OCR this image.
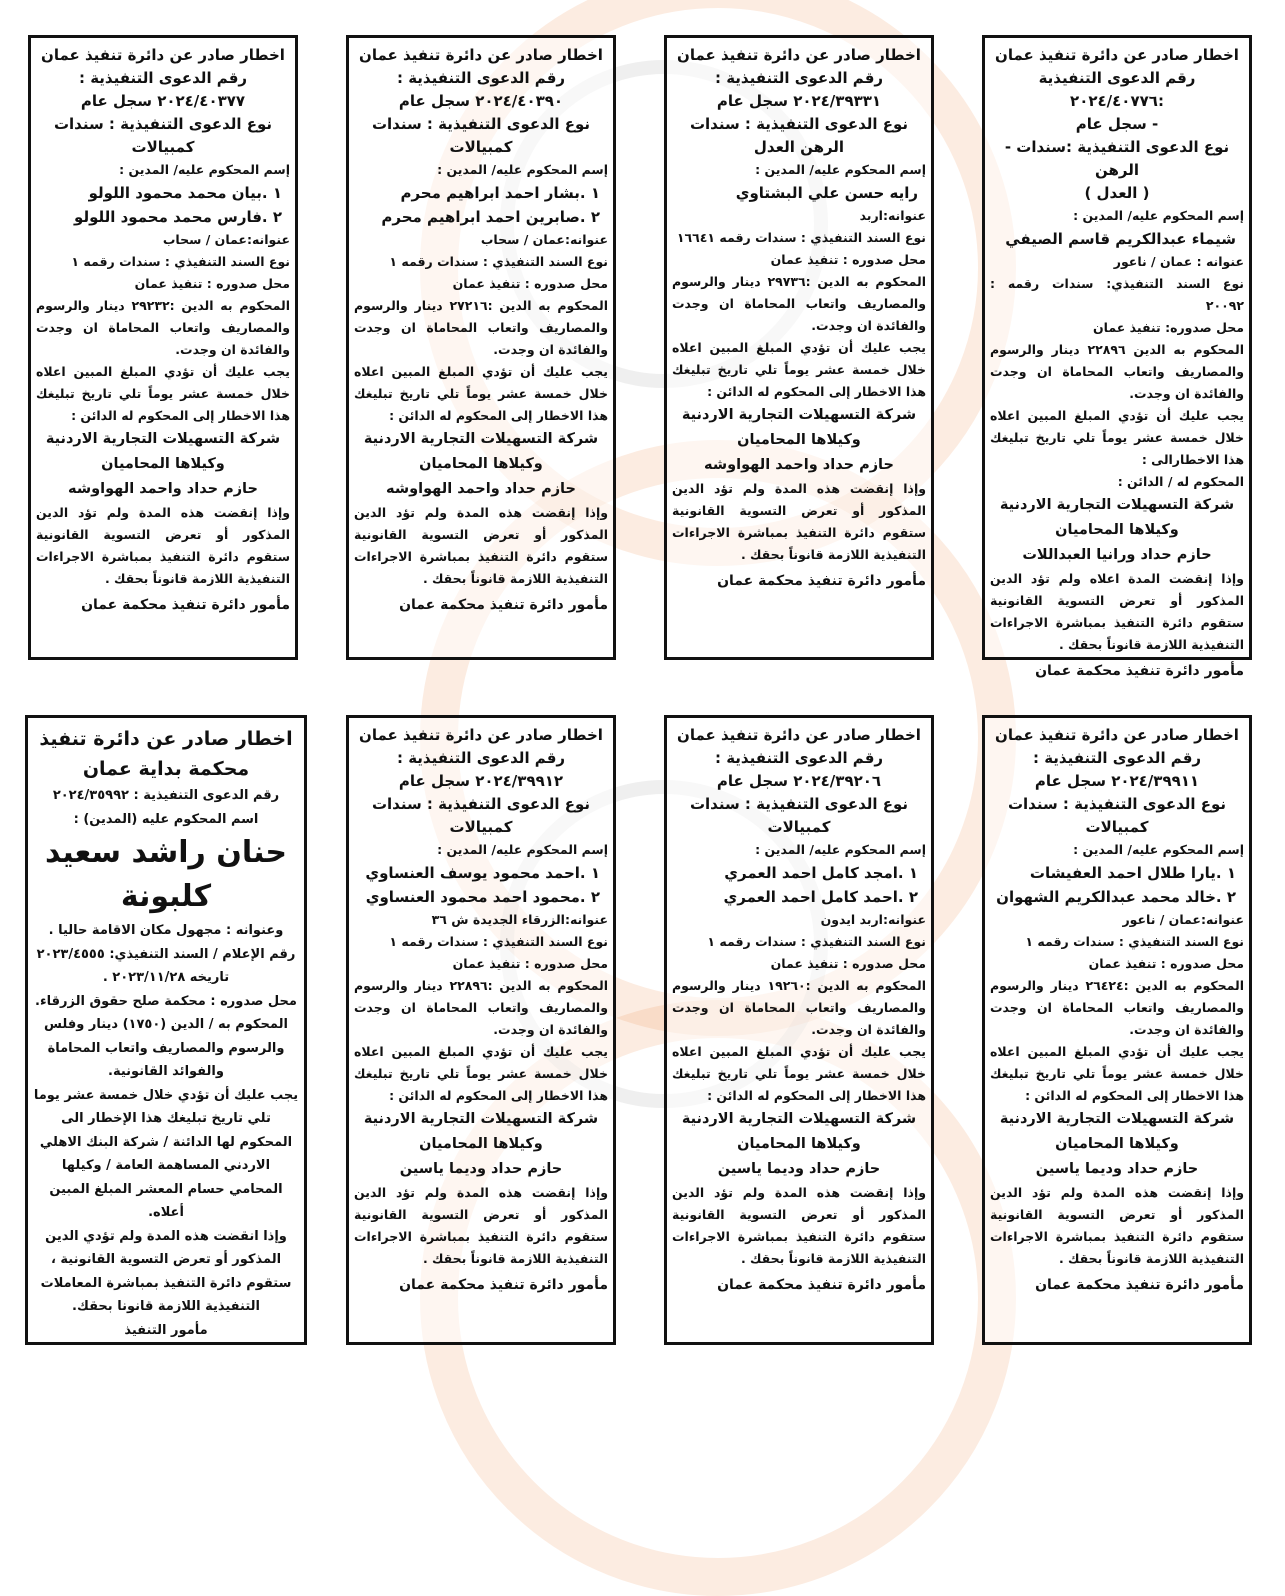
اخطار صادر عن دائرة تنفيذ عمان
رقم الدعوى التنفيذية :٢٠٢٤/٤٠٧٧٦
- سجل عام
نوع الدعوى التنفيذية :سندات - الرهن
( العدل )
إسم المحكوم عليه/ المدين :
شيماء عبدالكريم قاسم الصيفي
عنوانه : عمان / ناعور
نوع السند التنفيذي: سندات رقمه : ٢٠٠٩٢
محل صدوره: تنفيذ عمان
المحكوم به الدين ٢٢٨٩٦ دينار والرسوم والمصاريف واتعاب المحاماة ان وجدت والفائدة ان وجدت.
يجب عليك أن تؤدي المبلغ المبين اعلاه خلال خمسة عشر يوماً تلي تاريخ تبليغك هذا الاخطارالى :
المحكوم له / الدائن :
شركة التسهيلات التجارية الاردنية
وكيلاها المحاميان
حازم حداد ورانيا العبداللات
وإذا إنقضت المدة اعلاه ولم تؤد الدين المذكور أو تعرض التسوية القانونية ستقوم دائرة التنفيذ بمباشرة الاجراءات التنفيذية اللازمة قانوناً بحقك .
مأمور دائرة تنفيذ محكمة عمان
اخطار صادر عن دائرة تنفيذ عمان
رقم الدعوى التنفيذية :
٢٠٢٤/٣٩٣٣١ سجل عام
نوع الدعوى التنفيذية : سندات الرهن العدل
إسم المحكوم عليه/ المدين :
رايه حسن علي البشتاوي
عنوانه:اربد
نوع السند التنفيذي : سندات رقمه ١٦٦٤١
محل صدوره : تنفيذ عمان
المحكوم به الدين :٢٩٧٣٦ دينار والرسوم والمصاريف واتعاب المحاماة ان وجدت والفائدة ان وجدت.
يجب عليك أن تؤدي المبلغ المبين اعلاه خلال خمسة عشر يوماً تلي تاريخ تبليغك هذا الاخطار إلى المحكوم له الدائن :
شركة التسهيلات التجارية الاردنية
وكيلاها المحاميان
حازم حداد واحمد الهواوشه
وإذا إنقضت هذه المدة ولم تؤد الدين المذكور أو تعرض التسوية القانونية ستقوم دائرة التنفيذ بمباشرة الاجراءات التنفيذية اللازمة قانوناً بحقك .
مأمور دائرة تنفيذ محكمة عمان
اخطار صادر عن دائرة تنفيذ عمان
رقم الدعوى التنفيذية :
٢٠٢٤/٤٠٣٩٠ سجل عام
نوع الدعوى التنفيذية : سندات كمبيالات
إسم المحكوم عليه/ المدين :
١ .بشار احمد ابراهيم محرم
٢ .صابرين احمد ابراهيم محرم
عنوانه:عمان / سحاب
نوع السند التنفيذي : سندات رقمه ١
محل صدوره : تنفيذ عمان
المحكوم به الدين :٢٧٢١٦ دينار والرسوم والمصاريف واتعاب المحاماة ان وجدت والفائدة ان وجدت.
يجب عليك أن تؤدي المبلغ المبين اعلاه خلال خمسة عشر يوماً تلي تاريخ تبليغك هذا الاخطار إلى المحكوم له الدائن :
شركة التسهيلات التجارية الاردنية
وكيلاها المحاميان
حازم حداد واحمد الهواوشه
وإذا إنقضت هذه المدة ولم تؤد الدين المذكور أو تعرض التسوية القانونية ستقوم دائرة التنفيذ بمباشرة الاجراءات التنفيذية اللازمة قانوناً بحقك .
مأمور دائرة تنفيذ محكمة عمان
اخطار صادر عن دائرة تنفيذ عمان
رقم الدعوى التنفيذية :
٢٠٢٤/٤٠٣٧٧ سجل عام
نوع الدعوى التنفيذية : سندات كمبيالات
إسم المحكوم عليه/ المدين :
١ .بيان محمد محمود اللولو
٢ .فارس محمد محمود اللولو
عنوانه:عمان / سحاب
نوع السند التنفيذي : سندات رقمه ١
محل صدوره : تنفيذ عمان
المحكوم به الدين :٢٩٢٣٢ دينار والرسوم والمصاريف واتعاب المحاماة ان وجدت والفائدة ان وجدت.
يجب عليك أن تؤدي المبلغ المبين اعلاه خلال خمسة عشر يوماً تلي تاريخ تبليغك هذا الاخطار إلى المحكوم له الدائن :
شركة التسهيلات التجارية الاردنية
وكيلاها المحاميان
حازم حداد واحمد الهواوشه
وإذا إنقضت هذه المدة ولم تؤد الدين المذكور أو تعرض التسوية القانونية ستقوم دائرة التنفيذ بمباشرة الاجراءات التنفيذية اللازمة قانوناً بحقك .
مأمور دائرة تنفيذ محكمة عمان
اخطار صادر عن دائرة تنفيذ عمان
رقم الدعوى التنفيذية :
٢٠٢٤/٣٩٩١١ سجل عام
نوع الدعوى التنفيذية : سندات كمبيالات
إسم المحكوم عليه/ المدين :
١ .يارا طلال احمد العفيشات
٢ .خالد محمد عبدالكريم الشهوان
عنوانه:عمان / ناعور
نوع السند التنفيذي : سندات رقمه ١
محل صدوره : تنفيذ عمان
المحكوم به الدين :٢٦٤٢٤ دينار والرسوم والمصاريف واتعاب المحاماة ان وجدت والفائدة ان وجدت.
يجب عليك أن تؤدي المبلغ المبين اعلاه خلال خمسة عشر يوماً تلي تاريخ تبليغك هذا الاخطار إلى المحكوم له الدائن :
شركة التسهيلات التجارية الاردنية
وكيلاها المحاميان
حازم حداد وديما ياسين
وإذا إنقضت هذه المدة ولم تؤد الدين المذكور أو تعرض التسوية القانونية ستقوم دائرة التنفيذ بمباشرة الاجراءات التنفيذية اللازمة قانوناً بحقك .
مأمور دائرة تنفيذ محكمة عمان
اخطار صادر عن دائرة تنفيذ عمان
رقم الدعوى التنفيذية :
٢٠٢٤/٣٩٢٠٦ سجل عام
نوع الدعوى التنفيذية : سندات كمبيالات
إسم المحكوم عليه/ المدين :
١ .امجد كامل احمد العمري
٢ .احمد كامل احمد العمري
عنوانه:اربد ايدون
نوع السند التنفيذي : سندات رقمه ١
محل صدوره : تنفيذ عمان
المحكوم به الدين :١٩٢٦٠ دينار والرسوم والمصاريف واتعاب المحاماة ان وجدت والفائدة ان وجدت.
يجب عليك أن تؤدي المبلغ المبين اعلاه خلال خمسة عشر يوماً تلي تاريخ تبليغك هذا الاخطار إلى المحكوم له الدائن :
شركة التسهيلات التجارية الاردنية
وكيلاها المحاميان
حازم حداد وديما ياسين
وإذا إنقضت هذه المدة ولم تؤد الدين المذكور أو تعرض التسوية القانونية ستقوم دائرة التنفيذ بمباشرة الاجراءات التنفيذية اللازمة قانوناً بحقك .
مأمور دائرة تنفيذ محكمة عمان
اخطار صادر عن دائرة تنفيذ عمان
رقم الدعوى التنفيذية :
٢٠٢٤/٣٩٩١٢ سجل عام
نوع الدعوى التنفيذية : سندات كمبيالات
إسم المحكوم عليه/ المدين :
١ .احمد محمود يوسف العنساوي
٢ .محمود احمد محمود العنساوي
عنوانه:الزرقاء الجديدة ش ٣٦
نوع السند التنفيذي : سندات رقمه ١
محل صدوره : تنفيذ عمان
المحكوم به الدين :٢٢٨٩٦ دينار والرسوم والمصاريف واتعاب المحاماة ان وجدت والفائدة ان وجدت.
يجب عليك أن تؤدي المبلغ المبين اعلاه خلال خمسة عشر يوماً تلي تاريخ تبليغك هذا الاخطار إلى المحكوم له الدائن :
شركة التسهيلات التجارية الاردنية
وكيلاها المحاميان
حازم حداد وديما ياسين
وإذا إنقضت هذه المدة ولم تؤد الدين المذكور أو تعرض التسوية القانونية ستقوم دائرة التنفيذ بمباشرة الاجراءات التنفيذية اللازمة قانوناً بحقك .
مأمور دائرة تنفيذ محكمة عمان
اخطار صادر عن دائرة تنفيذ
محكمة بداية عمان
رقم الدعوى التنفيذية : ٢٠٢٤/٣٥٩٩٢
اسم المحكوم عليه (المدين) :
حنان راشد سعيد كلبونة
وعنوانه : مجهول مكان الاقامة حاليا .
رقم الإعلام / السند التنفيذي: ٢٠٢٣/٤٥٥٥
تاريخه ٢٠٢٣/١١/٢٨ .
محل صدوره : محكمة صلح حقوق الزرقاء.
المحكوم به / الدين (١٧٥٠) دينار وفلس والرسوم والمصاريف واتعاب المحاماة والفوائد القانونية.
يجب عليك أن تؤدي خلال خمسة عشر يوما تلي تاريخ تبليغك هذا الإخطار الى المحكوم لها الدائنة / شركة البنك الاهلي الاردني المساهمة العامة / وكيلها المحامي حسام المعشر المبلغ المبين أعلاه.
وإذا انقضت هذه المدة ولم تؤدي الدين المذكور أو تعرض التسوية القانونية ، ستقوم دائرة التنفيذ بمباشرة المعاملات التنفيذية اللازمة قانونا بحقك.
مأمور التنفيذ
